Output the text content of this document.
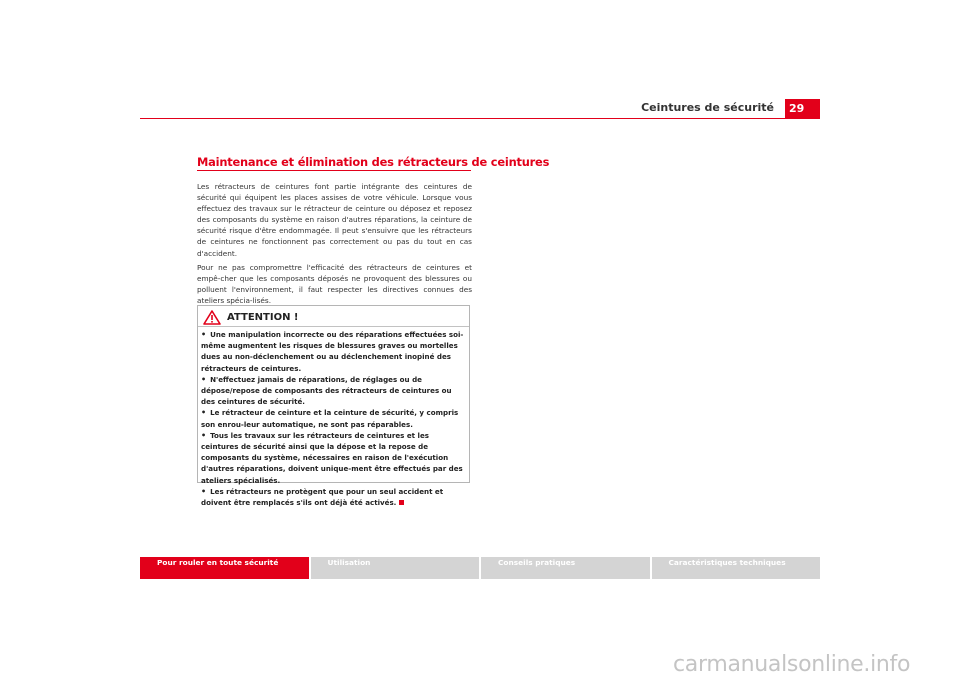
Ceintures de sécurité	29
Maintenance et élimination des rétracteurs de ceintures

Les rétracteurs de ceintures font partie intégrante des ceintures de sécurité qui équipent les places assises de votre véhicule. Lorsque vous effectuez des travaux sur le rétracteur de ceinture ou déposez et reposez des composants du système en raison d'autres réparations, la ceinture de sécurité risque d'être endommagée. Il peut s'ensuivre que les rétracteurs de ceintures ne fonctionnent pas correctement ou pas du tout en cas d'accident.

Pour ne pas compromettre l'efficacité des rétracteurs de ceintures et empê-cher que les composants déposés ne provoquent des blessures ou polluent l'environnement, il faut respecter les directives connues des ateliers spécia-lisés.

ATTENTION !

• Une manipulation incorrecte ou des réparations effectuées soi-même augmentent les risques de blessures graves ou mortelles dues au non-déclenchement ou au déclenchement inopiné des rétracteurs de ceintures.

• N'effectuez jamais de réparations, de réglages ou de dépose/repose de composants des rétracteurs de ceintures ou des ceintures de sécurité.

• Le rétracteur de ceinture et la ceinture de sécurité, y compris son enrou-leur automatique, ne sont pas réparables.

• Tous les travaux sur les rétracteurs de ceintures et les ceintures de sécurité ainsi que la dépose et la repose de composants du système, nécessaires en raison de l'exécution d'autres réparations, doivent unique-ment être effectués par des ateliers spécialisés.

• Les rétracteurs ne protègent que pour un seul accident et doivent être remplacés s'ils ont déjà été activés.

Pour rouler en toute sécurité	Utilisation	Conseils pratiques	Caractéristiques techniques
carmanualsonline.info
